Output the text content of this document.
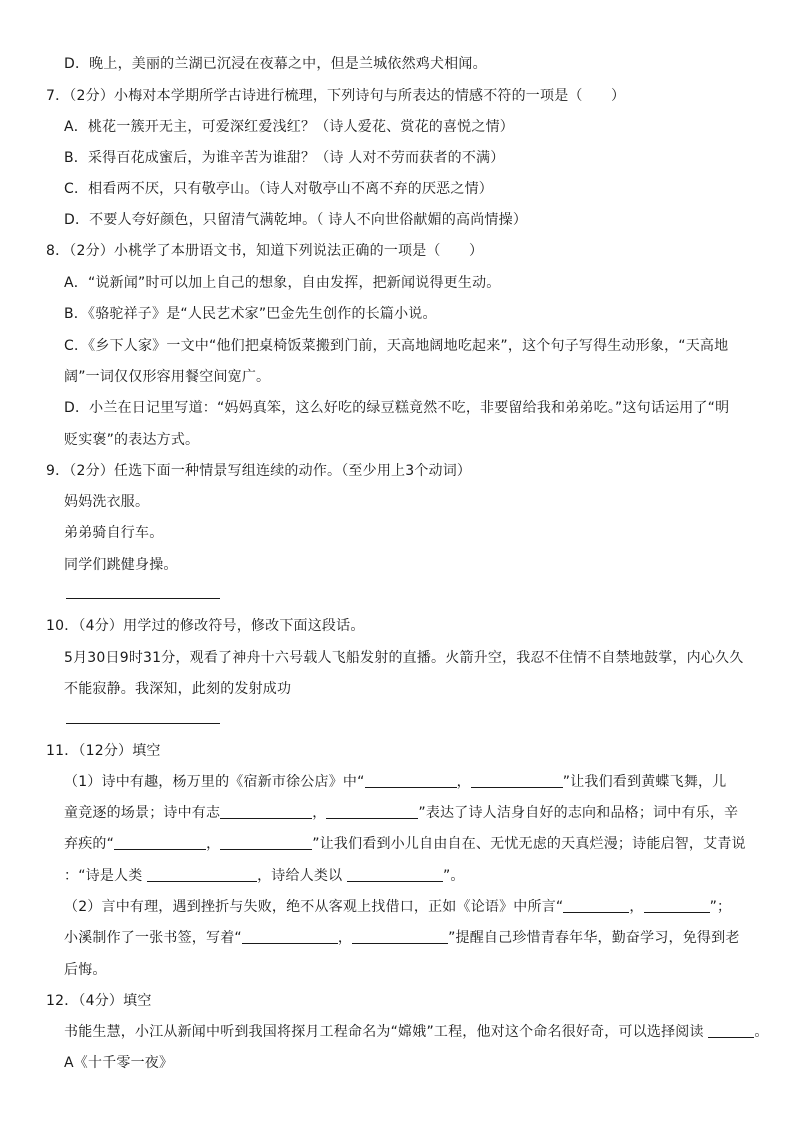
D．晚上，美丽的兰湖已沉浸在夜幕之中，但是兰城依然鸡犬相闻。
7．（2分）小梅对本学期所学古诗进行梳理，下列诗句与所表达的情感不符的一项是（　　）
A．桃花一簇开无主，可爱深红爱浅红？（诗人爱花、赏花的喜悦之情）
B．采得百花成蜜后，为谁辛苦为谁甜？（诗 人对不劳而获者的不满）
C．相看两不厌，只有敬亭山。（诗人对敬亭山不离不弃的厌恶之情）
D．不要人夸好颜色，只留清气满乾坤。（ 诗人不向世俗献媚的高尚情操）
8．（2分）小桃学了本册语文书，知道下列说法正确的一项是（　　）
A．“说新闻”时可以加上自己的想象，自由发挥，把新闻说得更生动。
B．《骆驼祥子》是“人民艺术家”巴金先生创作的长篇小说。
C．《乡下人家》一文中“他们把桌椅饭菜搬到门前，天高地阔地吃起来”，这个句子写得生动形象，“天高地
阔”一词仅仅形容用餐空间宽广。
D．小兰在日记里写道：“妈妈真笨，这么好吃的绿豆糕竟然不吃，非要留给我和弟弟吃。”这句话运用了“明
贬实褒”的表达方式。
9．（2分）任选下面一种情景写组连续的动作。（至少用上3个动词）
妈妈洗衣服。
弟弟骑自行车。
同学们跳健身操。
10．（4分）用学过的修改符号，修改下面这段话。
5月30日9时31分，观看了神舟十六号载人飞船发射的直播。火箭升空，我忍不住情不自禁地鼓掌，内心久久
不能寂静。我深知，此刻的发射成功
11．（12分）填空
（1）诗中有趣，杨万里的《宿新市徐公店》中“	，	”让我们看到黄蝶飞舞，儿
童竞逐的场景；诗中有志	，	”表达了诗人洁身自好的志向和品格；词中有乐，辛
弃疾的“	，	”让我们看到小儿自由自在、无忧无虑的天真烂漫；诗能启智，艾青说
：“诗是人类	，诗给人类以	”。
（2）言中有理，遇到挫折与失败，绝不从客观上找借口，正如《论语》中所言“	，	”；
小溪制作了一张书签，写着“	，	”提醒自己珍惜青春年华，勤奋学习，免得到老
后悔。
12．（4分）填空
书能生慧，小江从新闻中听到我国将探月工程命名为“嫦娥”工程，他对这个命名很好奇，可以选择阅读	。
A《十千零一夜》
